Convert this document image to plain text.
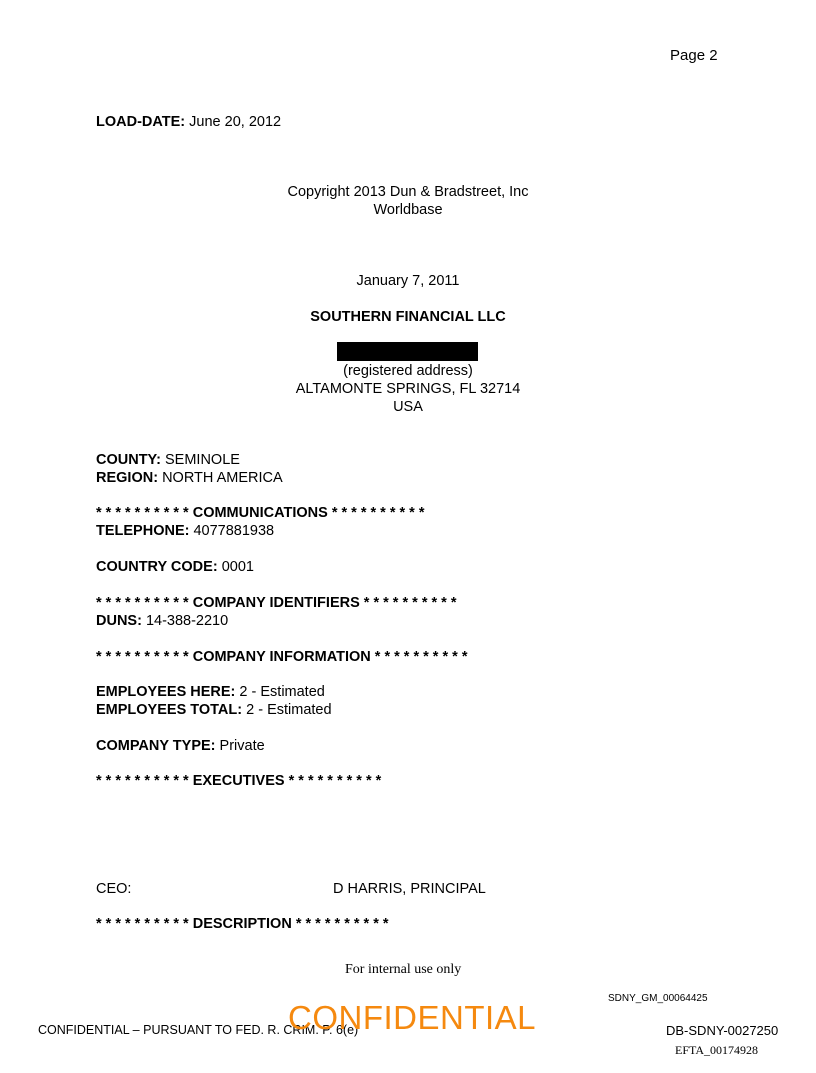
Page 2
LOAD-DATE: June 20, 2012
Copyright 2013 Dun & Bradstreet, Inc
Worldbase
January 7, 2011
SOUTHERN FINANCIAL LLC
(registered address)
ALTAMONTE SPRINGS, FL 32714
USA
COUNTY: SEMINOLE
REGION: NORTH AMERICA
* * * * * * * * * * COMMUNICATIONS * * * * * * * * * *
TELEPHONE: 4077881938
COUNTRY CODE: 0001
* * * * * * * * * * COMPANY IDENTIFIERS * * * * * * * * * *
DUNS: 14-388-2210
* * * * * * * * * * COMPANY INFORMATION * * * * * * * * * *
EMPLOYEES HERE: 2 - Estimated
EMPLOYEES TOTAL: 2 - Estimated
COMPANY TYPE: Private
* * * * * * * * * * EXECUTIVES * * * * * * * * * *
CEO:	D HARRIS, PRINCIPAL
* * * * * * * * * * DESCRIPTION * * * * * * * * * *
For internal use only
SDNY_GM_00064425
CONFIDENTIAL – PURSUANT TO FED. R. CRIM. P. 6(e)
CONFIDENTIAL	DB-SDNY-0027250
EFTA_00174928
